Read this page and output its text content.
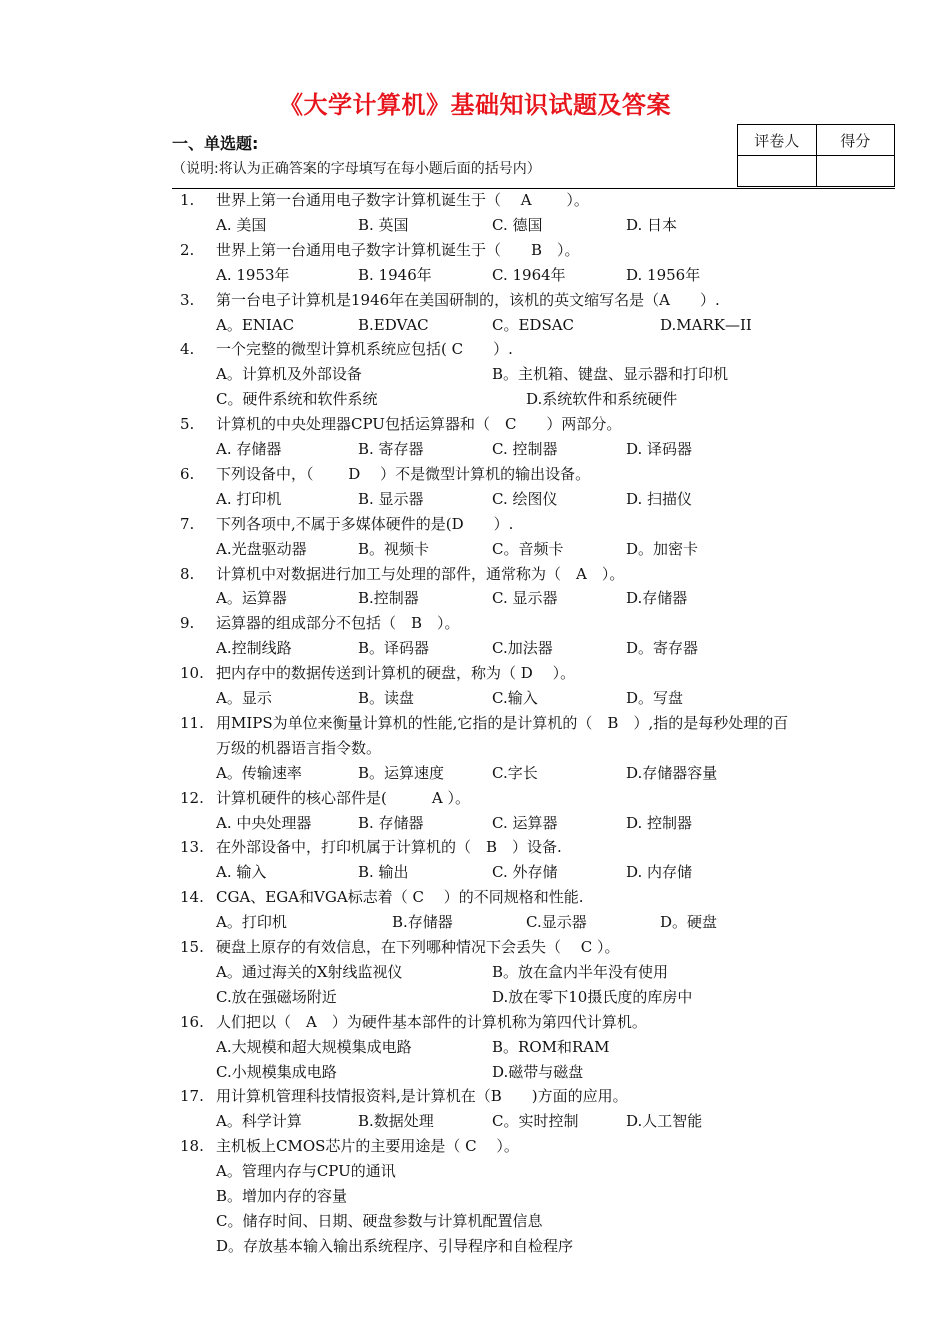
《大学计算机》基础知识试题及答案
一、单选题:
（说明:将认为正确答案的字母填写在每小题后面的括号内）
评卷人	得分

1. 世界上第一台通用电子数字计算机诞生于（　 A 　　）。
A. 美国	B. 英国	C. 德国	D. 日本
2. 世界上第一台通用电子数字计算机诞生于（　　B　）。
A. 1953年	B. 1946年	C. 1964年	D. 1956年
3. 第一台电子计算机是1946年在美国研制的，该机的英文缩写名是（A　　）.
A。ENIAC	B.EDVAC	C。EDSAC	D.MARK—II
4. 一个完整的微型计算机系统应包括( C　　）.
A。计算机及外部设备	B。主机箱、键盘、显示器和打印机
C。硬件系统和软件系统	D.系统软件和系统硬件
5. 计算机的中央处理器CPU包括运算器和（　C　　）两部分。
A. 存储器	B. 寄存器	C. 控制器	D. 译码器
6. 下列设备中，（　　 D　 ）不是微型计算机的输出设备。
A. 打印机	B. 显示器	C. 绘图仪	D. 扫描仪
7. 下列各项中,不属于多媒体硬件的是(D　　）.
A.光盘驱动器	B。视频卡	C。音频卡	D。加密卡
8. 计算机中对数据进行加工与处理的部件，通常称为（　A　）。
A。运算器	B.控制器	C. 显示器	D.存储器
9. 运算器的组成部分不包括（　B　）。
A.控制线路	B。译码器	C.加法器	D。寄存器
10. 把内存中的数据传送到计算机的硬盘，称为（ D　 ）。
A。显示	B。读盘	C.输入	D。写盘
11. 用MIPS为单位来衡量计算机的性能,它指的是计算机的（　B　）,指的是每秒处理的百
万级的机器语言指令数。
A。传输速率	B。运算速度	C.字长	D.存储器容量
12. 计算机硬件的核心部件是(　　　A ）。
A. 中央处理器	B. 存储器	C. 运算器	D. 控制器
13. 在外部设备中，打印机属于计算机的（　B　）设备.
A. 输入	B. 输出	C. 外存储	D. 内存储
14. CGA、EGA和VGA标志着（ C　 ）的不同规格和性能.
A。打印机	B.存储器	C.显示器	D。硬盘
15. 硬盘上原存的有效信息，在下列哪种情况下会丢失（　 C ）。
A。通过海关的X射线监视仪	B。放在盒内半年没有使用
C.放在强磁场附近	D.放在零下10摄氏度的库房中
16. 人们把以（　A　）为硬件基本部件的计算机称为第四代计算机。
A.大规模和超大规模集成电路	B。ROM和RAM
C.小规模集成电路	D.磁带与磁盘
17. 用计算机管理科技情报资料,是计算机在（B　　)方面的应用。
A。科学计算	B.数据处理	C。实时控制	D.人工智能
18. 主机板上CMOS芯片的主要用途是（ C　 ）。
A。管理内存与CPU的通讯
B。增加内存的容量
C。储存时间、日期、硬盘参数与计算机配置信息
D。存放基本输入输出系统程序、引导程序和自检程序
